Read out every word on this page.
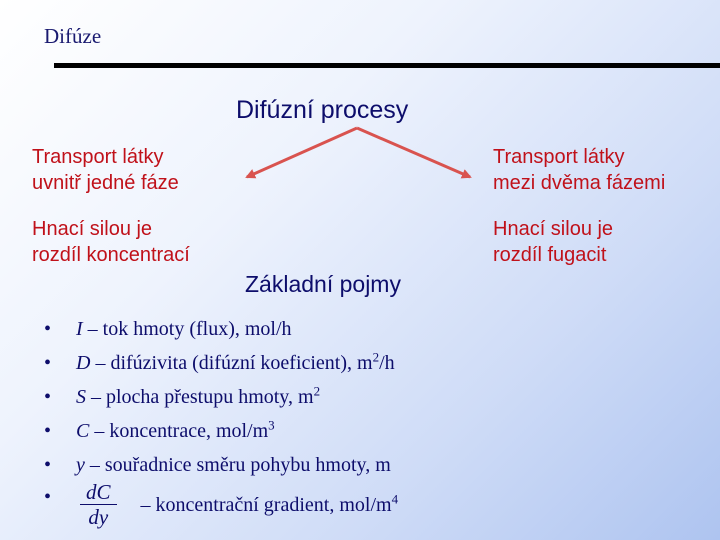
Difúze
Difúzní procesy
Transport látky
uvnitř jedné fáze
Transport látky
mezi dvěma fázemi
Hnací silou je
rozdíl koncentrací
Hnací silou je
rozdíl fugacit
Základní pojmy
• I – tok hmoty (flux), mol/h
• D – difúzivita (difúzní koeficient), $m^2/h$
• S – plocha přestupu hmoty, $m^2$
• C – koncentrace, mol/$m^3$
• y – souřadnice směru pohybu hmoty, m
• $\frac{dC}{dy}$ – koncentrační gradient, mol/$m^4$
